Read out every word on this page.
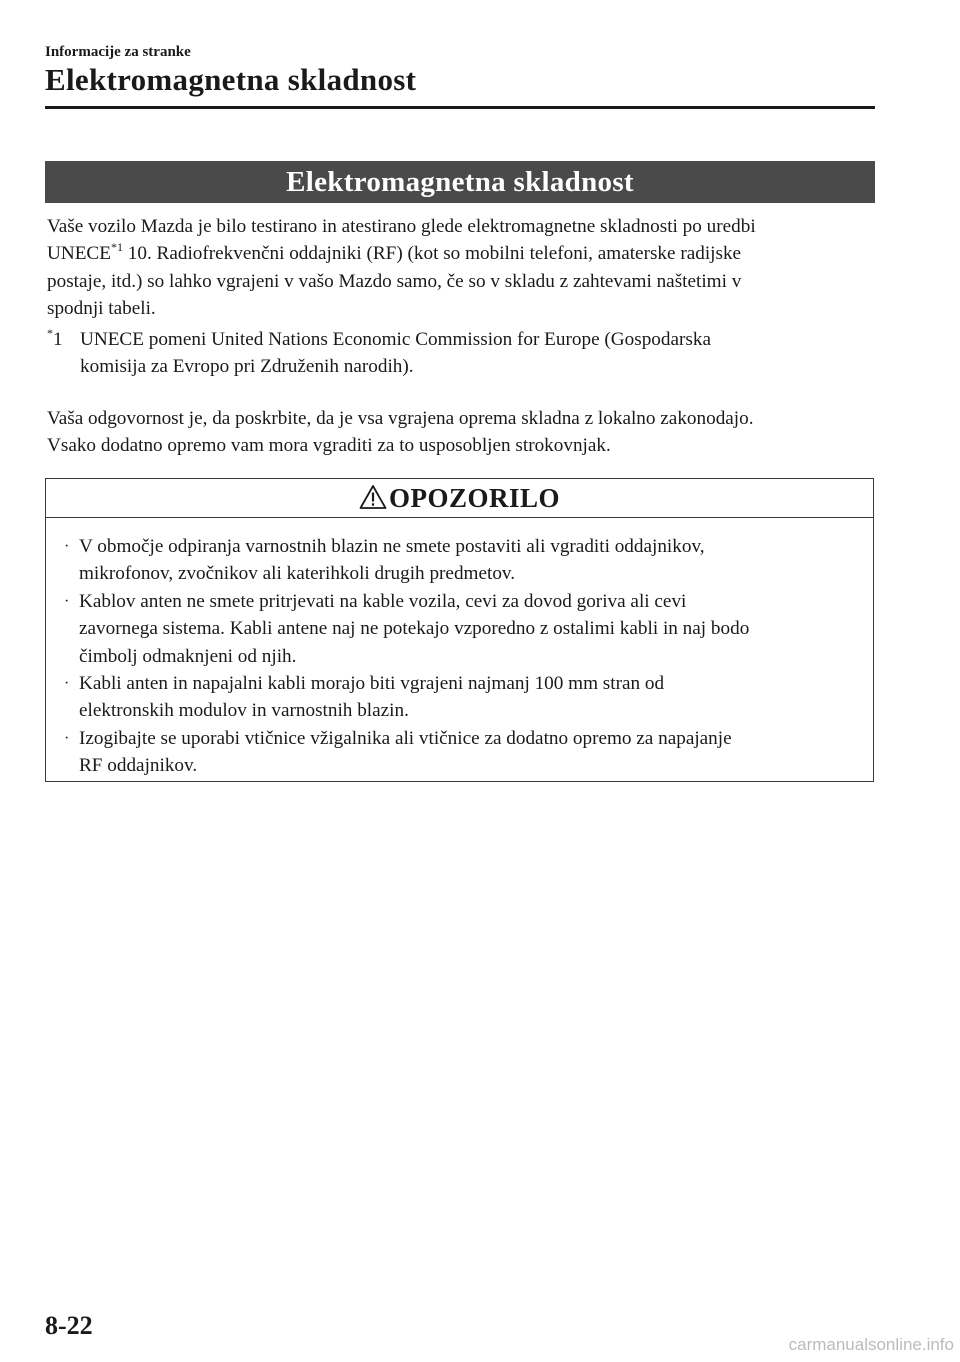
Informacije za stranke
Elektromagnetna skladnost
Elektromagnetna skladnost

Vaše vozilo Mazda je bilo testirano in atestirano glede elektromagnetne skladnosti po uredbi

UNECE$^{*1}$ 10. Radiofrekvenčni oddajniki (RF) (kot so mobilni telefoni, amaterske radijske

postaje, itd.) so lahko vgrajeni v vašo Mazdo samo, če so v skladu z zahtevami naštetimi v

spodnji tabeli.

*1 UNECE pomeni United Nations Economic Commission for Europe (Gospodarska
komisija za Evropo pri Združenih narodih).

Vaša odgovornost je, da poskrbite, da je vsa vgrajena oprema skladna z lokalno zakonodajo.

Vsako dodatno opremo vam mora vgraditi za to usposobljen strokovnjak.

OPOZORILO
· V območje odpiranja varnostnih blazin ne smete postaviti ali vgraditi oddajnikov,
mikrofonov, zvočnikov ali katerihkoli drugih predmetov.
· Kablov anten ne smete pritrjevati na kable vozila, cevi za dovod goriva ali cevi
zavornega sistema. Kabli antene naj ne potekajo vzporedno z ostalimi kabli in naj bodo
čimbolj odmaknjeni od njih.
· Kabli anten in napajalni kabli morajo biti vgrajeni najmanj 100 mm stran od
elektronskih modulov in varnostnih blazin.
· Izogibajte se uporabi vtičnice vžigalnika ali vtičnice za dodatno opremo za napajanje
RF oddajnikov.
8-22
carmanualsonline.info
